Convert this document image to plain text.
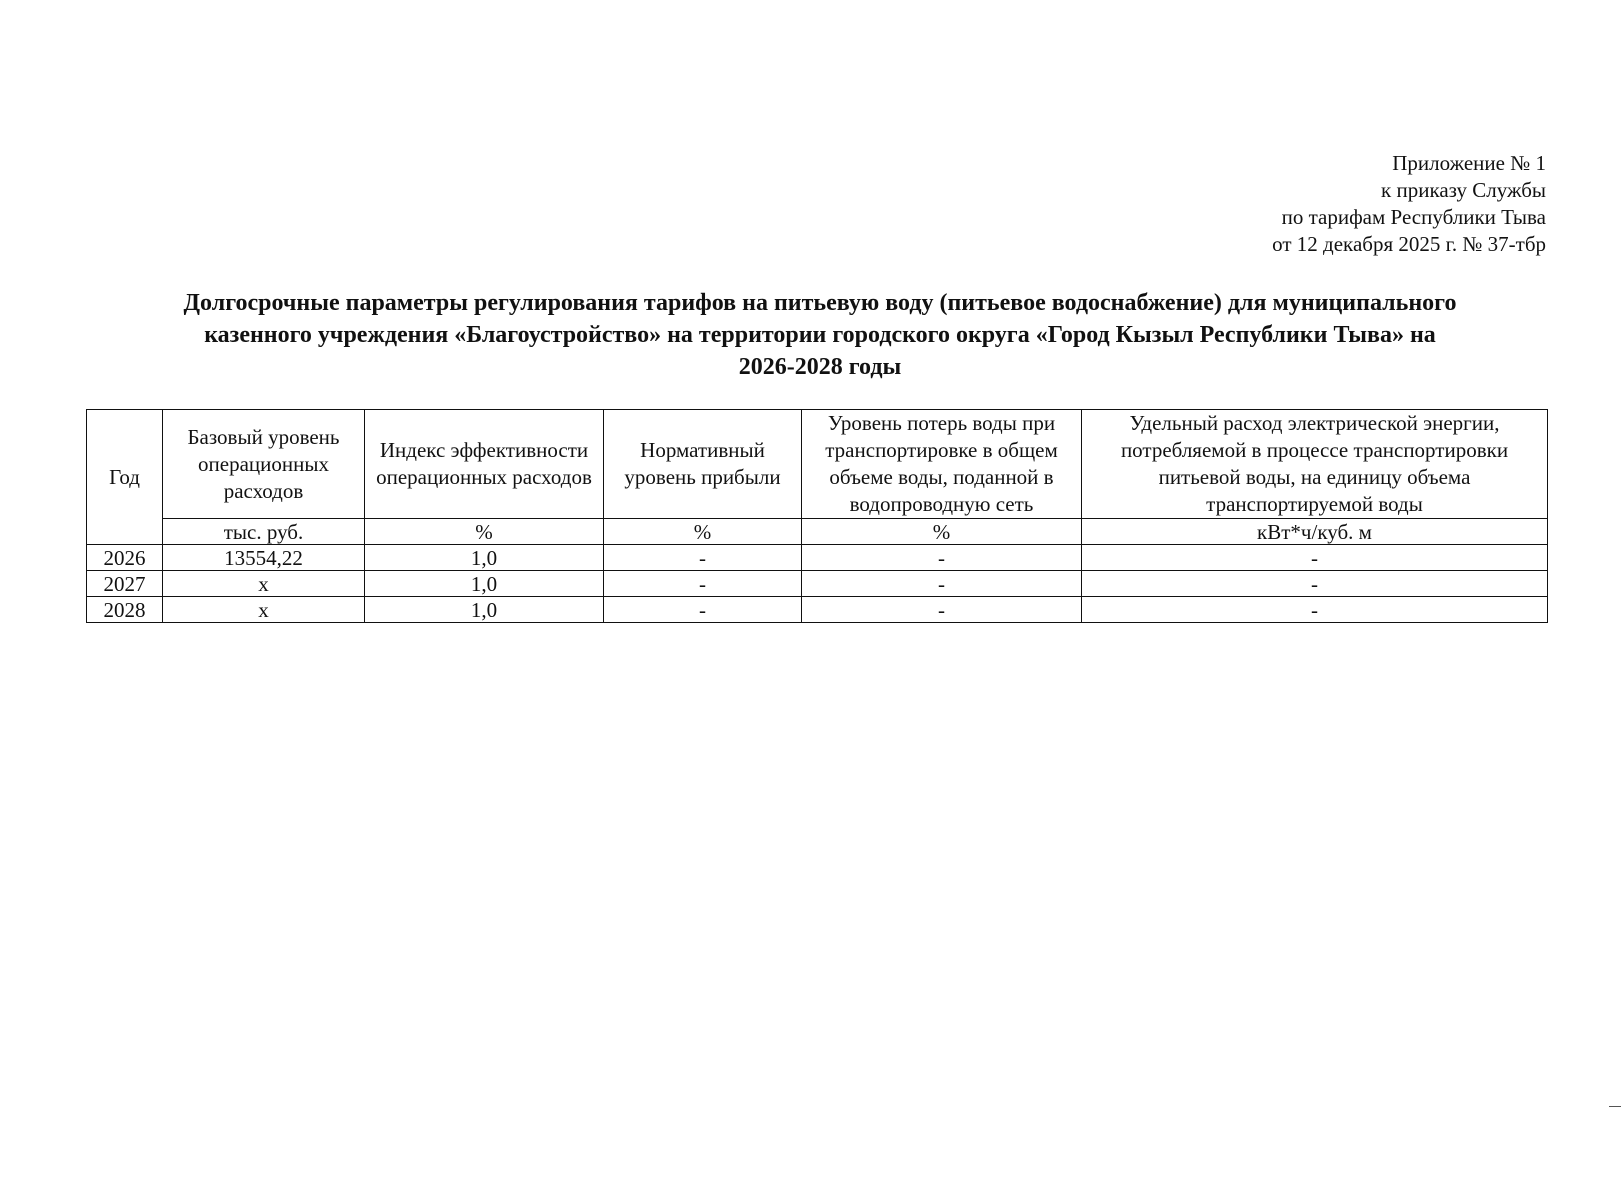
Приложение № 1
к приказу Службы
по тарифам Республики Тыва
от 12 декабря 2025 г. № 37-тбр
Долгосрочные параметры регулирования тарифов на питьевую воду (питьевое водоснабжение) для муниципального
казенного учреждения «Благоустройство» на территории городского округа «Город Кызыл Республики Тыва» на
2026-2028 годы
Год	Базовый уровень операционных расходов	Индекс эффективности операционных расходов	Нормативный уровень прибыли	Уровень потерь воды при транспортировке в общем объеме воды, поданной в водопроводную сеть	Удельный расход электрической энергии, потребляемой в процессе транспортировки питьевой воды, на единицу объема транспортируемой воды
	тыс. руб.	%	%	%	кВт*ч/куб. м
2026	13554,22	1,0	-	-	-
2027	х	1,0	-	-	-
2028	х	1,0	-	-	-
